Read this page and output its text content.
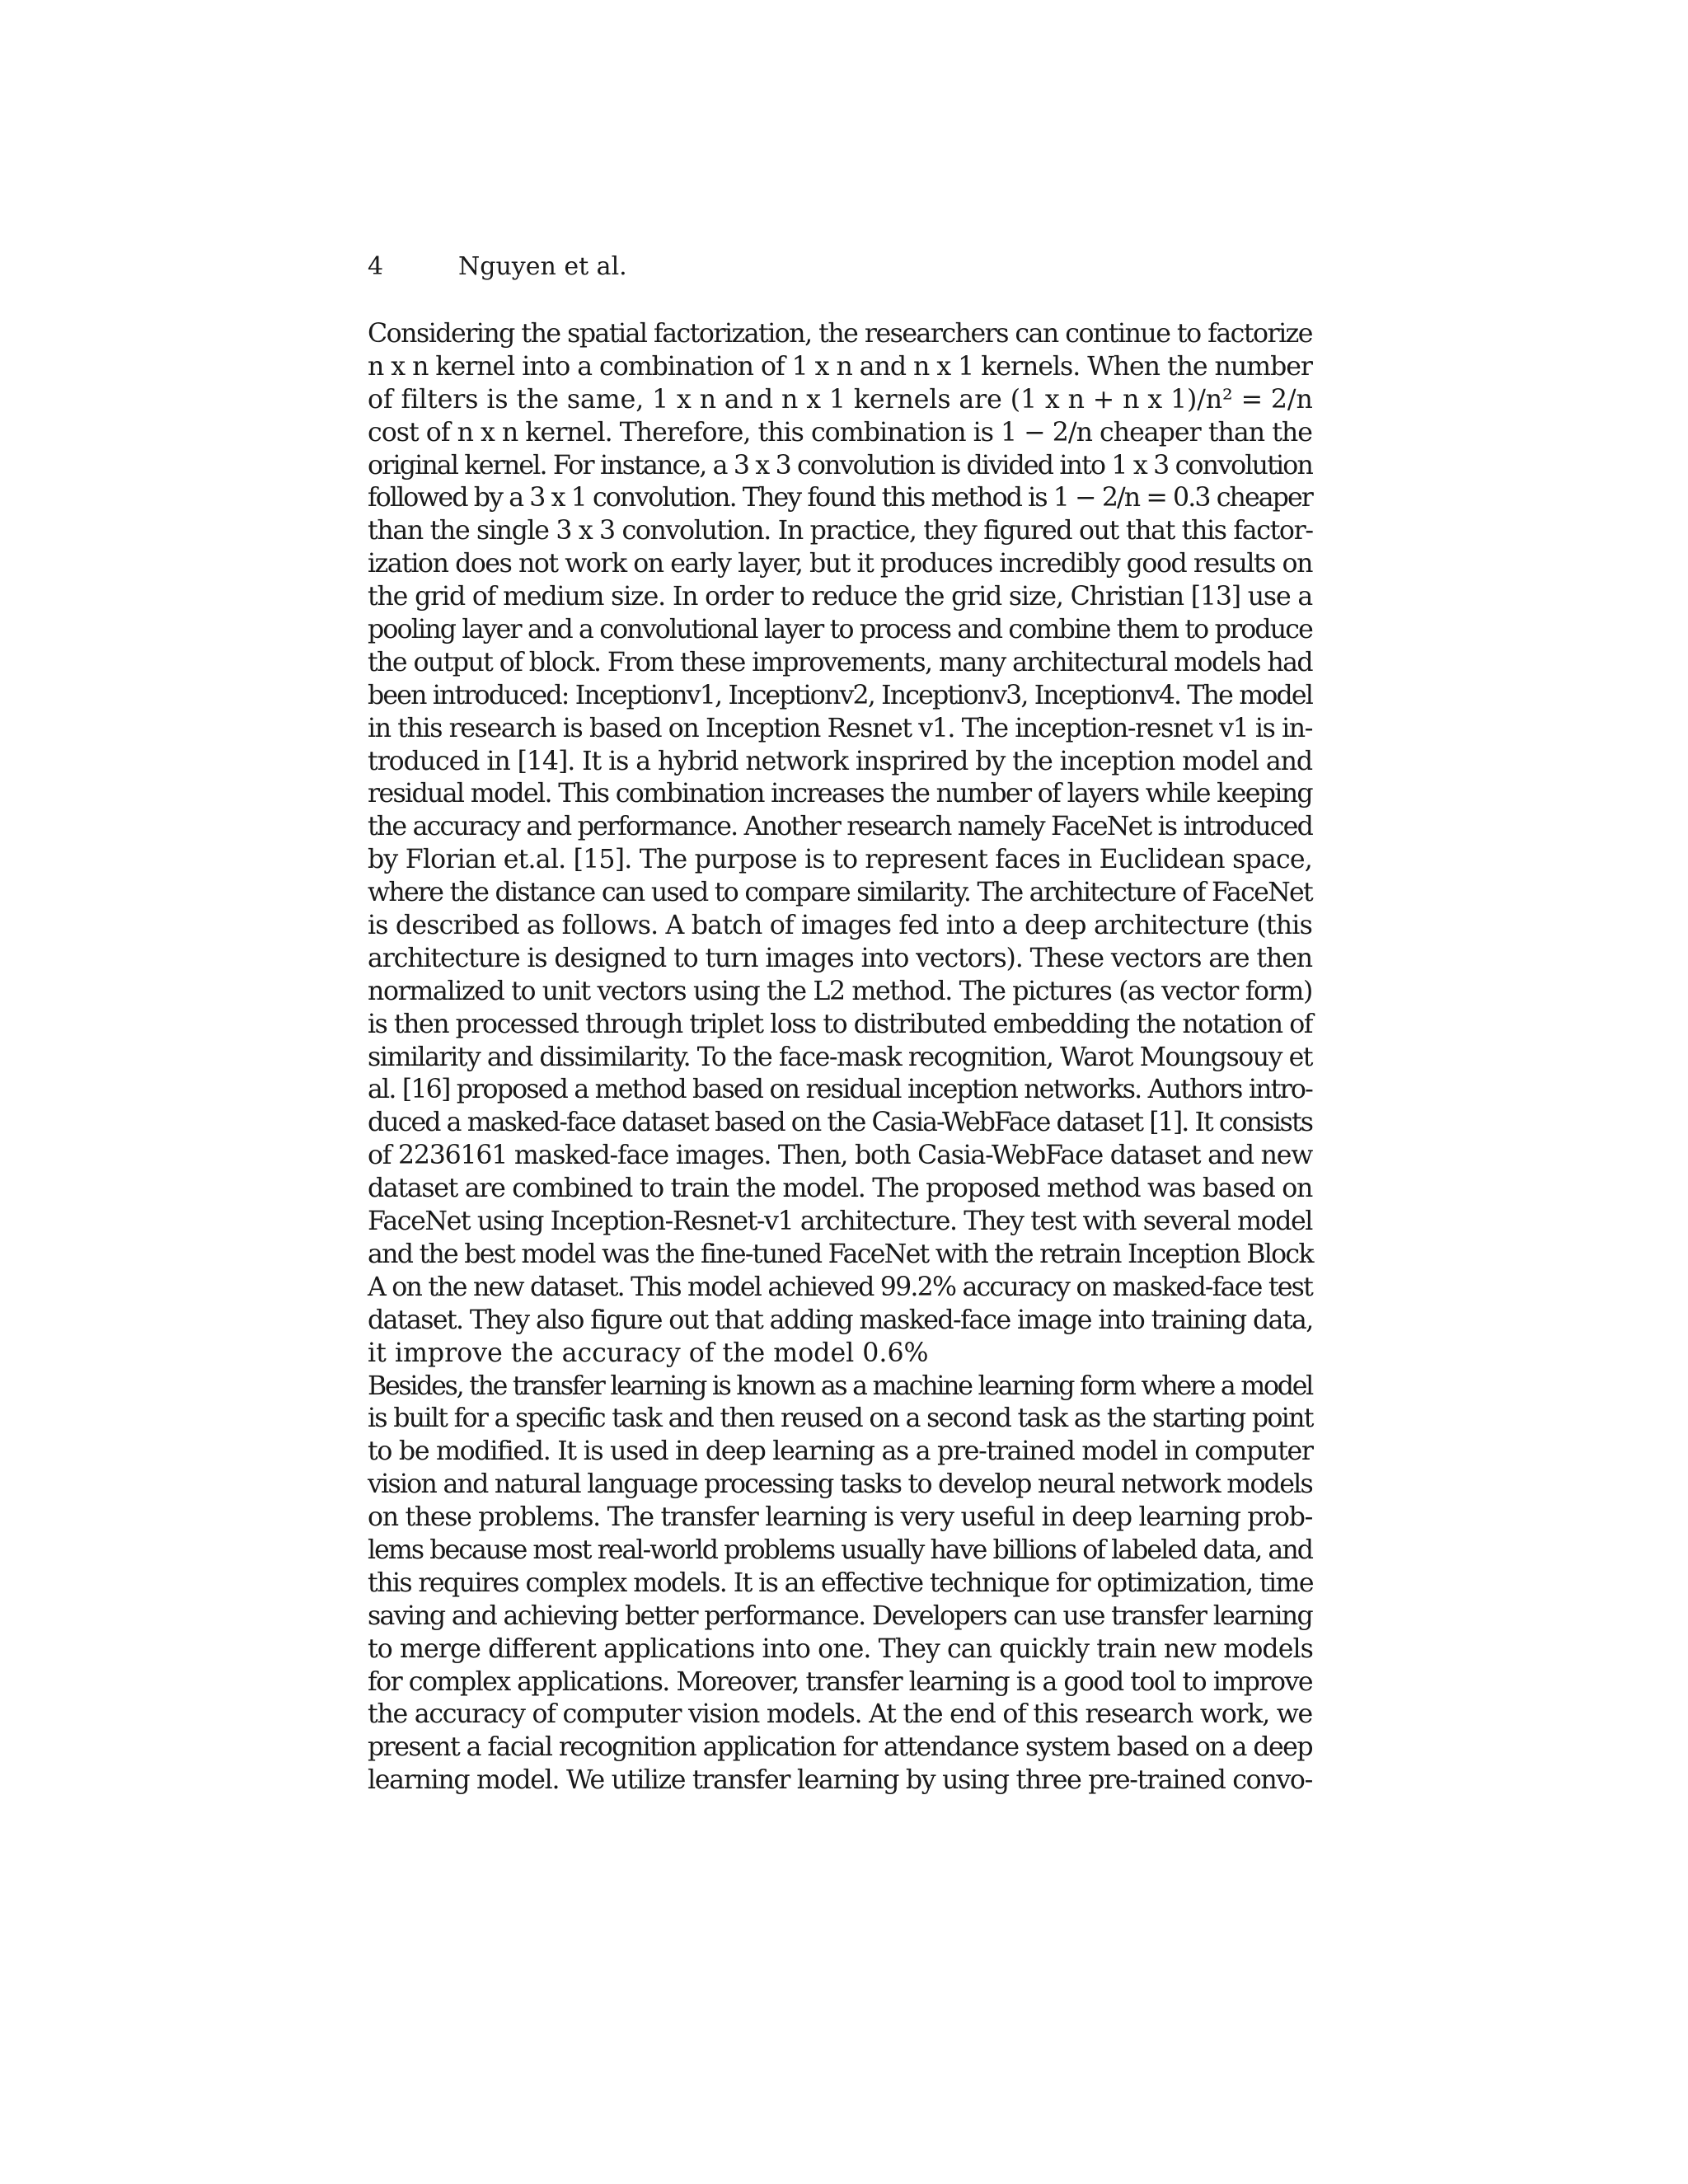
4	Nguyen et al.
Considering the spatial factorization, the researchers can continue to factorize
n x n kernel into a combination of 1 x n and n x 1 kernels. When the number
of filters is the same, 1 x n and n x 1 kernels are (1 x n + n x 1)/n² = 2/n
cost of n x n kernel. Therefore, this combination is 1 − 2/n cheaper than the
original kernel. For instance, a 3 x 3 convolution is divided into 1 x 3 convolution
followed by a 3 x 1 convolution. They found this method is 1 − 2/n = 0.3 cheaper
than the single 3 x 3 convolution. In practice, they figured out that this factor-
ization does not work on early layer, but it produces incredibly good results on
the grid of medium size. In order to reduce the grid size, Christian [13] use a
pooling layer and a convolutional layer to process and combine them to produce
the output of block. From these improvements, many architectural models had
been introduced: Inceptionv1, Inceptionv2, Inceptionv3, Inceptionv4. The model
in this research is based on Inception Resnet v1. The inception-resnet v1 is in-
troduced in [14]. It is a hybrid network insprired by the inception model and
residual model. This combination increases the number of layers while keeping
the accuracy and performance. Another research namely FaceNet is introduced
by Florian et.al. [15]. The purpose is to represent faces in Euclidean space,
where the distance can used to compare similarity. The architecture of FaceNet
is described as follows. A batch of images fed into a deep architecture (this
architecture is designed to turn images into vectors). These vectors are then
normalized to unit vectors using the L2 method. The pictures (as vector form)
is then processed through triplet loss to distributed embedding the notation of
similarity and dissimilarity. To the face-mask recognition, Warot Moungsouy et
al. [16] proposed a method based on residual inception networks. Authors intro-
duced a masked-face dataset based on the Casia-WebFace dataset [1]. It consists
of 2236161 masked-face images. Then, both Casia-WebFace dataset and new
dataset are combined to train the model. The proposed method was based on
FaceNet using Inception-Resnet-v1 architecture. They test with several model
and the best model was the fine-tuned FaceNet with the retrain Inception Block
A on the new dataset. This model achieved 99.2% accuracy on masked-face test
dataset. They also figure out that adding masked-face image into training data,
it improve the accuracy of the model 0.6%
Besides, the transfer learning is known as a machine learning form where a model
is built for a specific task and then reused on a second task as the starting point
to be modified. It is used in deep learning as a pre-trained model in computer
vision and natural language processing tasks to develop neural network models
on these problems. The transfer learning is very useful in deep learning prob-
lems because most real-world problems usually have billions of labeled data, and
this requires complex models. It is an effective technique for optimization, time
saving and achieving better performance. Developers can use transfer learning
to merge different applications into one. They can quickly train new models
for complex applications. Moreover, transfer learning is a good tool to improve
the accuracy of computer vision models. At the end of this research work, we
present a facial recognition application for attendance system based on a deep
learning model. We utilize transfer learning by using three pre-trained convo-
